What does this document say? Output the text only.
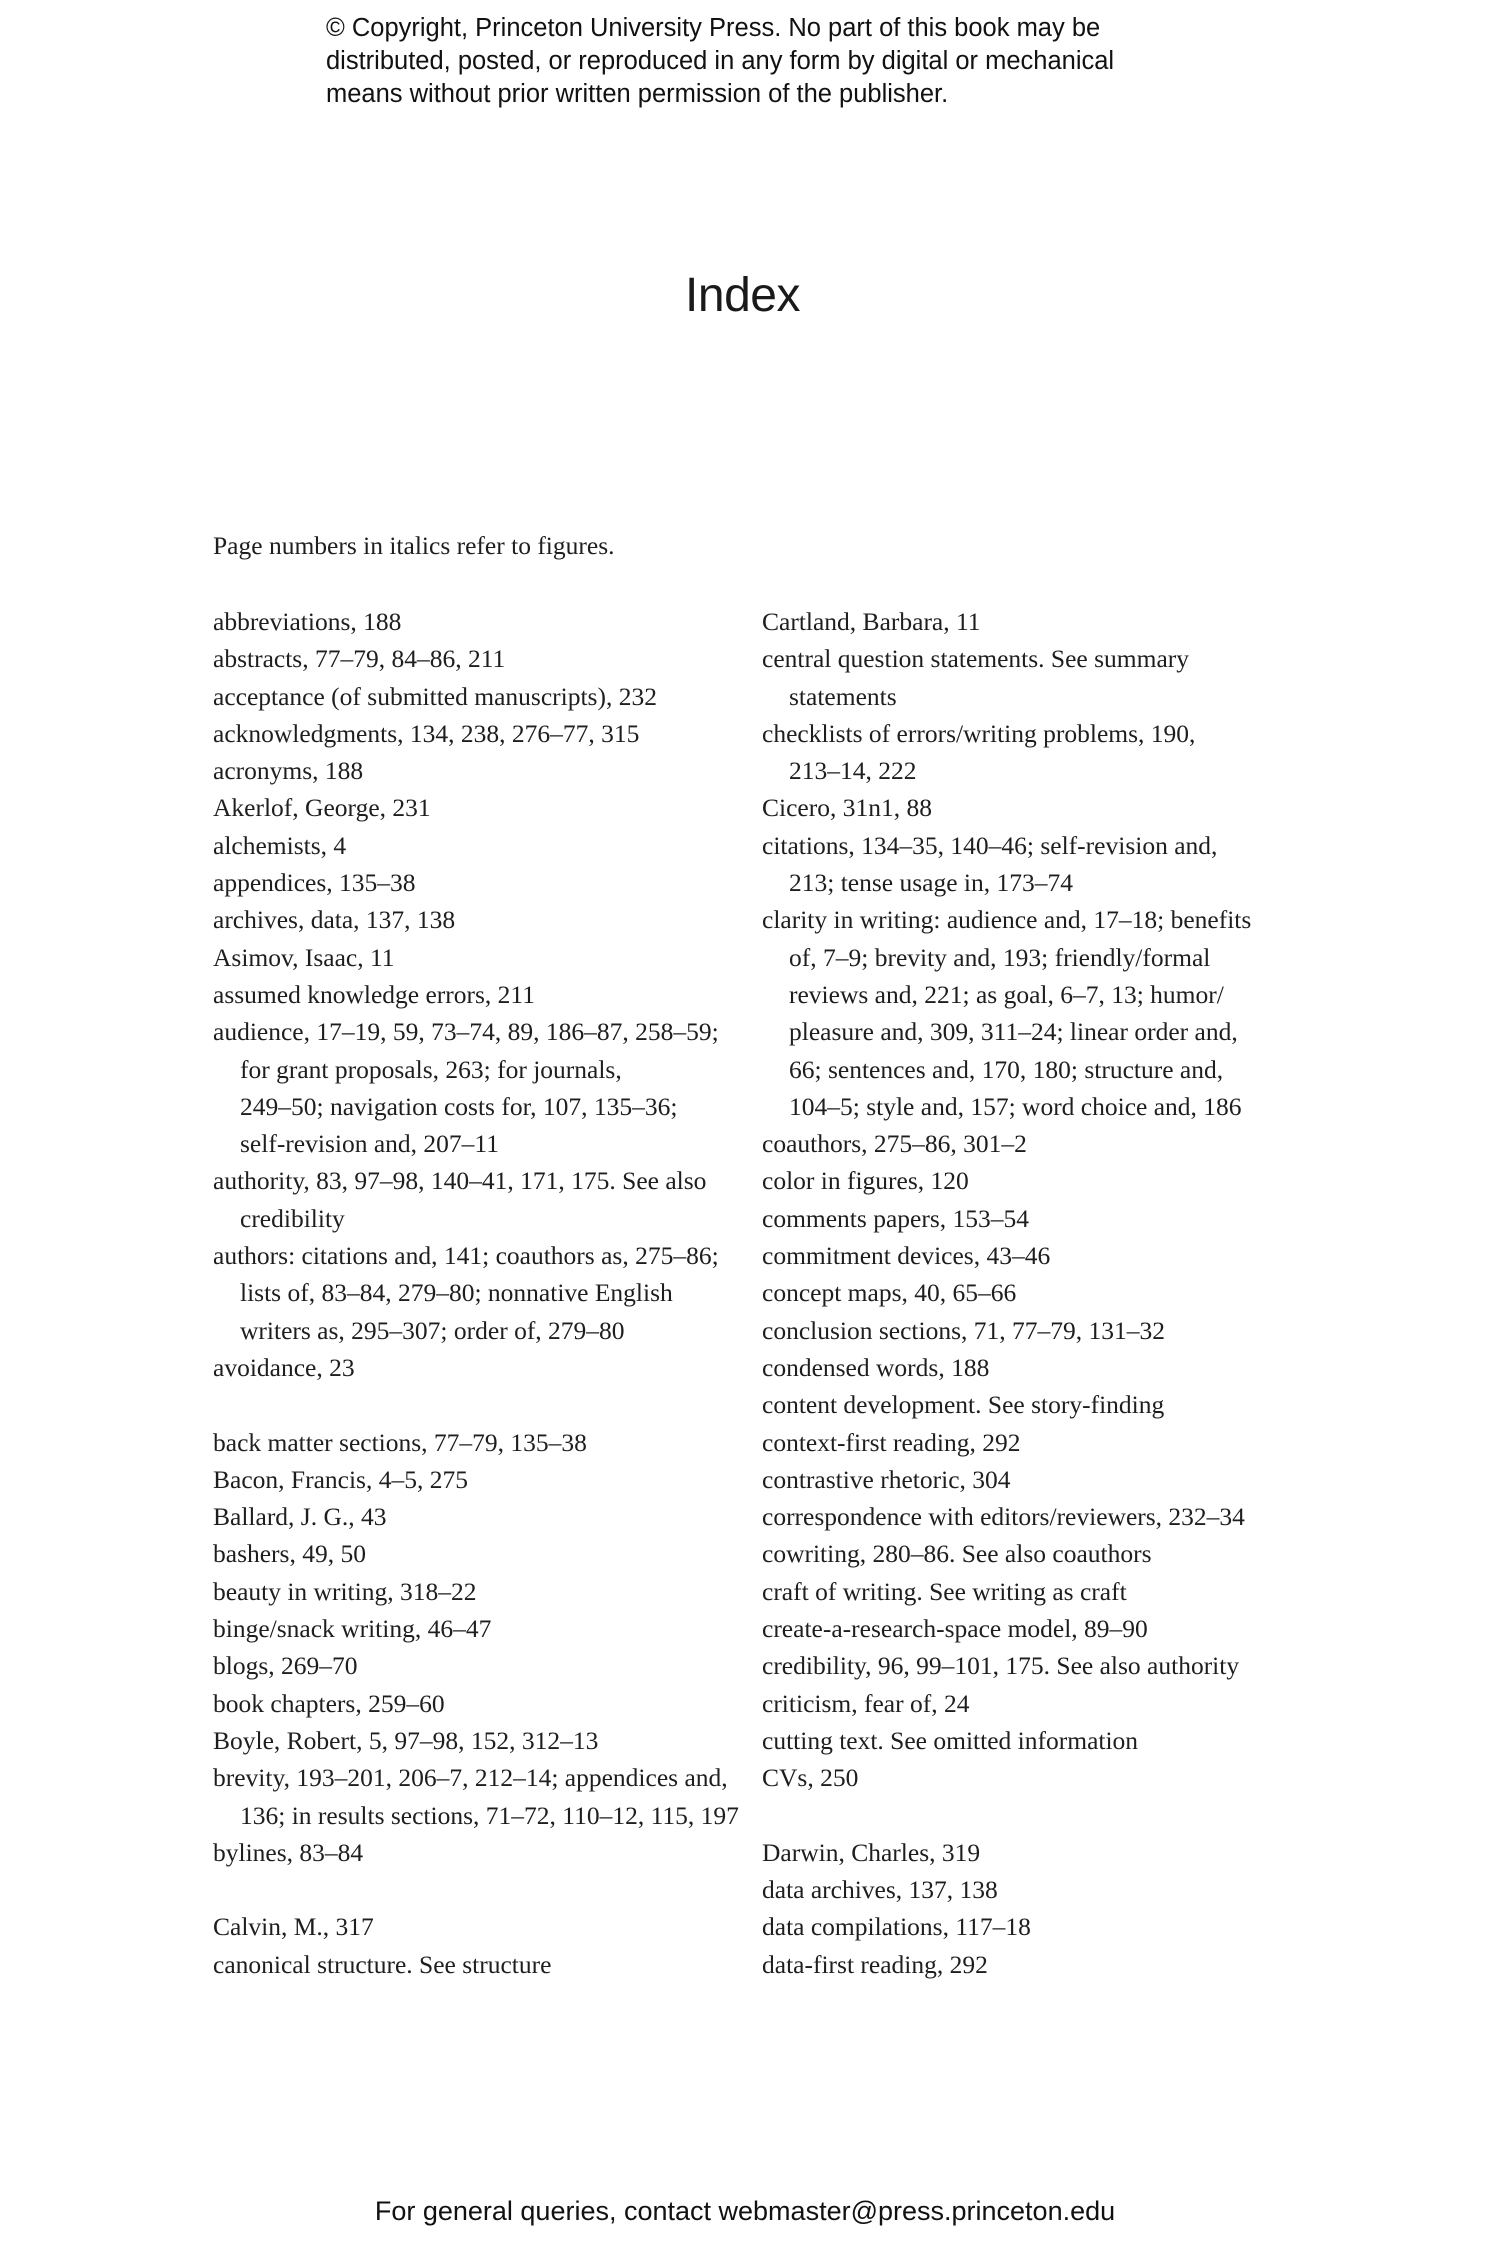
© Copyright, Princeton University Press. No part of this book may be
distributed, posted, or reproduced in any form by digital or mechanical
means without prior written permission of the publisher.
Index
Page numbers in italics refer to figures.
abbreviations, 188
abstracts, 77–79, 84–86, 211
acceptance (of submitted manuscripts), 232
acknowledgments, 134, 238, 276–77, 315
acronyms, 188
Akerlof, George, 231
alchemists, 4
appendices, 135–38
archives, data, 137, 138
Asimov, Isaac, 11
assumed knowledge errors, 211
audience, 17–19, 59, 73–74, 89, 186–87, 258–59;
for grant proposals, 263; for journals,
249–50; navigation costs for, 107, 135–36;
self-revision and, 207–11
authority, 83, 97–98, 140–41, 171, 175. See also
credibility
authors: citations and, 141; coauthors as, 275–86;
lists of, 83–84, 279–80; nonnative English
writers as, 295–307; order of, 279–80
avoidance, 23
back matter sections, 77–79, 135–38
Bacon, Francis, 4–5, 275
Ballard, J. G., 43
bashers, 49, 50
beauty in writing, 318–22
binge/snack writing, 46–47
blogs, 269–70
book chapters, 259–60
Boyle, Robert, 5, 97–98, 152, 312–13
brevity, 193–201, 206–7, 212–14; appendices and,
136; in results sections, 71–72, 110–12, 115, 197
bylines, 83–84
Calvin, M., 317
canonical structure. See structure
Cartland, Barbara, 11
central question statements. See summary
statements
checklists of errors/writing problems, 190,
213–14, 222
Cicero, 31n1, 88
citations, 134–35, 140–46; self-revision and,
213; tense usage in, 173–74
clarity in writing: audience and, 17–18; benefits
of, 7–9; brevity and, 193; friendly/formal
reviews and, 221; as goal, 6–7, 13; humor/
pleasure and, 309, 311–24; linear order and,
66; sentences and, 170, 180; structure and,
104–5; style and, 157; word choice and, 186
coauthors, 275–86, 301–2
color in figures, 120
comments papers, 153–54
commitment devices, 43–46
concept maps, 40, 65–66
conclusion sections, 71, 77–79, 131–32
condensed words, 188
content development. See story-finding
context-first reading, 292
contrastive rhetoric, 304
correspondence with editors/reviewers, 232–34
cowriting, 280–86. See also coauthors
craft of writing. See writing as craft
create-a-research-space model, 89–90
credibility, 96, 99–101, 175. See also authority
criticism, fear of, 24
cutting text. See omitted information
CVs, 250
Darwin, Charles, 319
data archives, 137, 138
data compilations, 117–18
data-first reading, 292
For general queries, contact webmaster@press.princeton.edu
